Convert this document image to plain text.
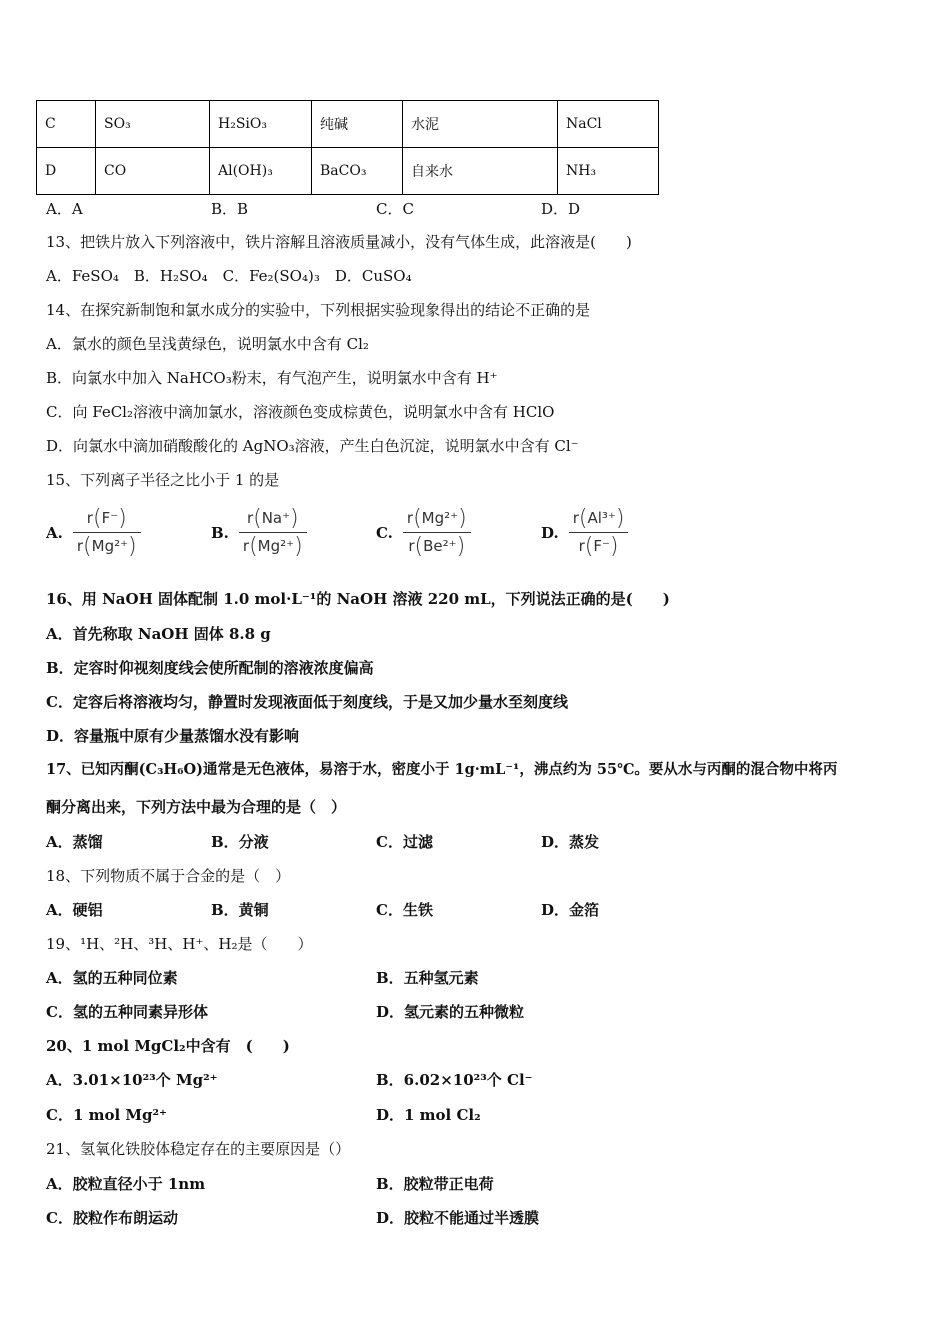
C	SO₃	H₂SiO₃	纯碱	水泥	NaCl
D	CO	Al(OH)₃	BaCO₃	自来水	NH₃
A．A	B．B	C．C	D．D
13、把铁片放入下列溶液中，铁片溶解且溶液质量减小，没有气体生成，此溶液是(　　)
A．FeSO₄　B．H₂SO₄　C．Fe₂(SO₄)₃　D．CuSO₄
14、在探究新制饱和氯水成分的实验中，下列根据实验现象得出的结论不正确的是
A．氯水的颜色呈浅黄绿色，说明氯水中含有 Cl₂
B．向氯水中加入 NaHCO₃粉末，有气泡产生，说明氯水中含有 H⁺
C．向 FeCl₂溶液中滴加氯水，溶液颜色变成棕黄色，说明氯水中含有 HClO
D．向氯水中滴加硝酸酸化的 AgNO₃溶液，产生白色沉淀，说明氯水中含有 Cl⁻
15、下列离子半径之比小于 1 的是
A. $\frac{r(F^-)}{\text{r(Mg²⁺)}}$	B. $\frac{r(Na^+)}{\text{r(Mg²⁺)}}$	C. $\frac{\text{r(Mg²⁺)}}{\text{r(Be²⁺)}}$	D. $\frac{\text{r(Al³⁺)}}{r(F^-)}$
16、用 NaOH 固体配制 1.0 mol·L⁻¹的 NaOH 溶液 220 mL，下列说法正确的是(　　)
A．首先称取 NaOH 固体 8.8 g
B．定容时仰视刻度线会使所配制的溶液浓度偏高
C．定容后将溶液均匀，静置时发现液面低于刻度线，于是又加少量水至刻度线
D．容量瓶中原有少量蒸馏水没有影响
17、已知丙酮(C₃H₆O)通常是无色液体，易溶于水，密度小于 1g·mL⁻¹，沸点约为 55℃。要从水与丙酮的混合物中将丙
酮分离出来，下列方法中最为合理的是（　）
A．蒸馏	B．分液	C．过滤	D．蒸发
18、下列物质不属于合金的是（　）
A．硬铝	B．黄铜	C．生铁	D．金箔
19、¹H、²H、³H、H⁺、H₂是（　　）
A．氢的五种同位素	B．五种氢元素
C．氢的五种同素异形体	D．氢元素的五种微粒
20、1 mol MgCl₂中含有　(　　)
A．3.01×10²³个 Mg²⁺	B．6.02×10²³个 Cl⁻
C．1 mol Mg²⁺	D．1 mol Cl₂
21、氢氧化铁胶体稳定存在的主要原因是（）
A．胶粒直径小于 1nm	B．胶粒带正电荷
C．胶粒作布朗运动	D．胶粒不能通过半透膜
